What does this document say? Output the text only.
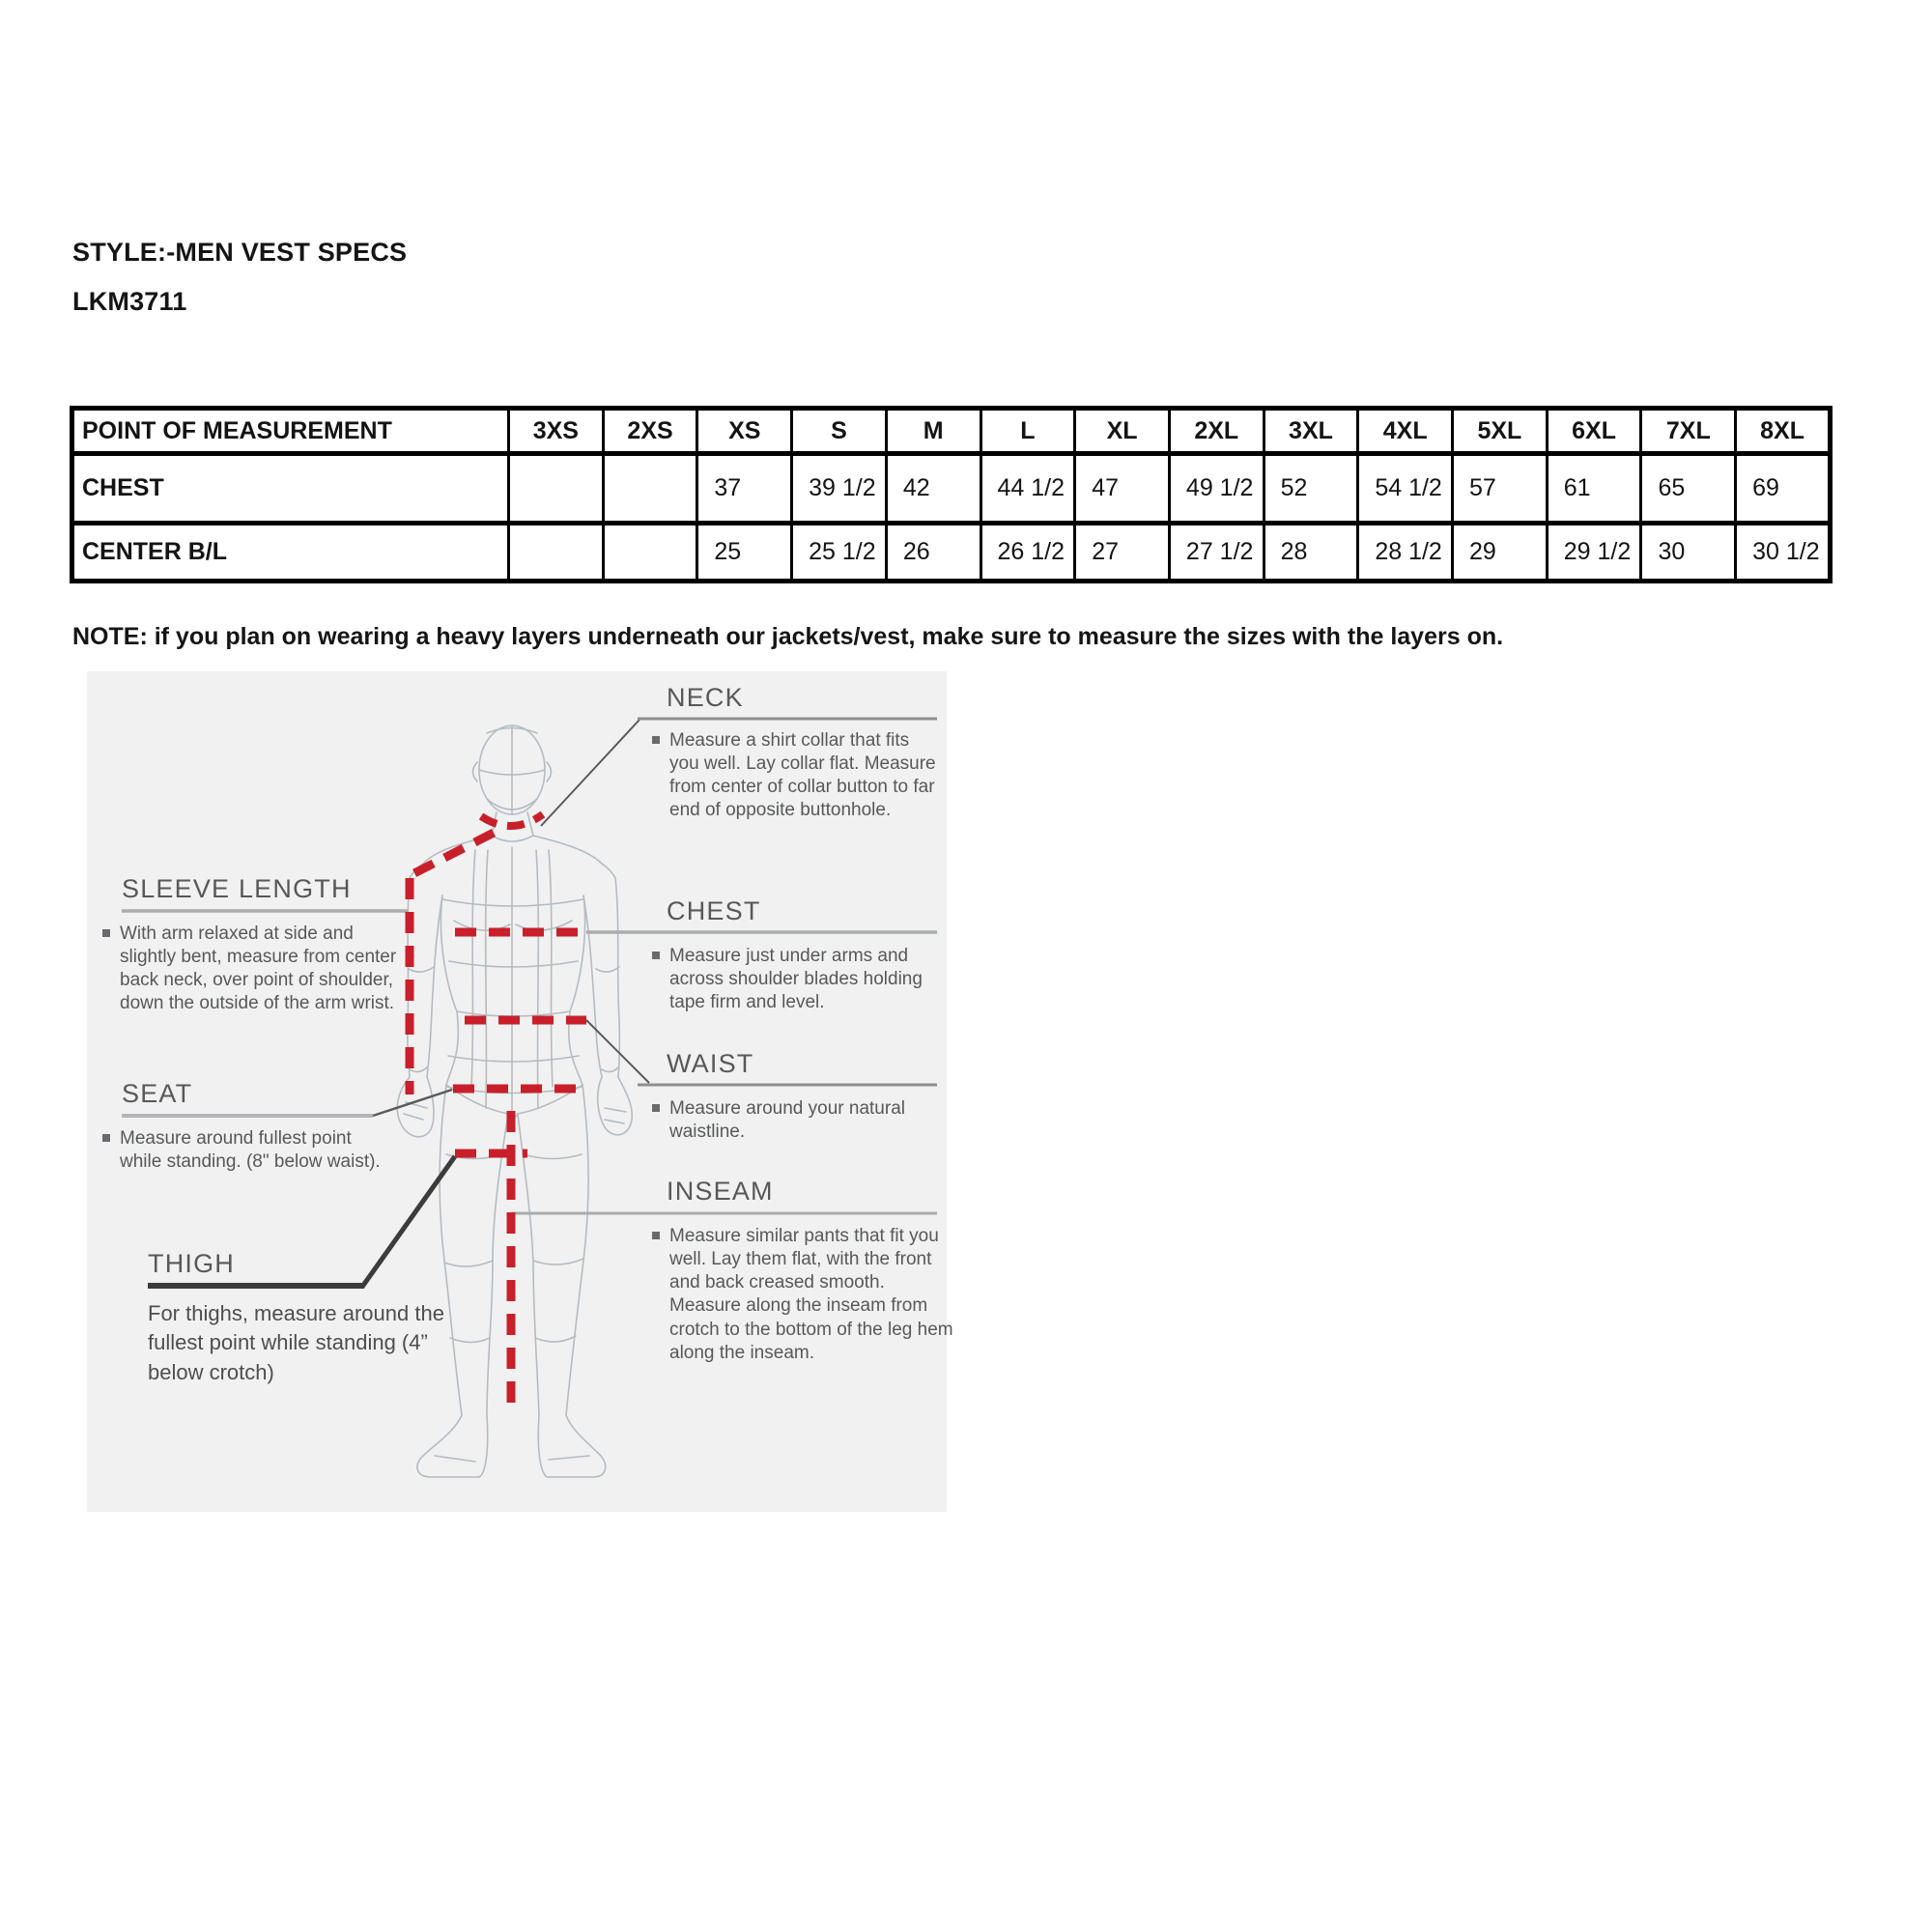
STYLE:-MEN VEST SPECS
LKM3711
POINT OF MEASUREMENT	3XS	2XS	XS	S	M	L	XL	2XL	3XL	4XL	5XL	6XL	7XL	8XL
CHEST			37	39 1/2	42	44 1/2	47	49 1/2	52	54 1/2	57	61	65	69
CENTER B/L			25	25 1/2	26	26 1/2	27	27 1/2	28	28 1/2	29	29 1/2	30	30 1/2
NOTE: if you plan on wearing a heavy layers underneath our jackets/vest, make sure to measure the sizes with the layers on.
NECK
Measure a shirt collar that fits you well. Lay collar flat. Measure from center of collar button to far end of opposite buttonhole.
CHEST
Measure just under arms and across shoulder blades holding tape firm and level.
WAIST
Measure around your natural waistline.
INSEAM
Measure similar pants that fit you well. Lay them flat, with the front and back creased smooth. Measure along the inseam from crotch to the bottom of the leg hem along the inseam.
SLEEVE LENGTH
With arm relaxed at side and slightly bent, measure from center back neck, over point of shoulder, down the outside of the arm wrist.
SEAT
Measure around fullest point while standing. (8" below waist).
THIGH
For thighs, measure around the fullest point while standing (4” below crotch)
